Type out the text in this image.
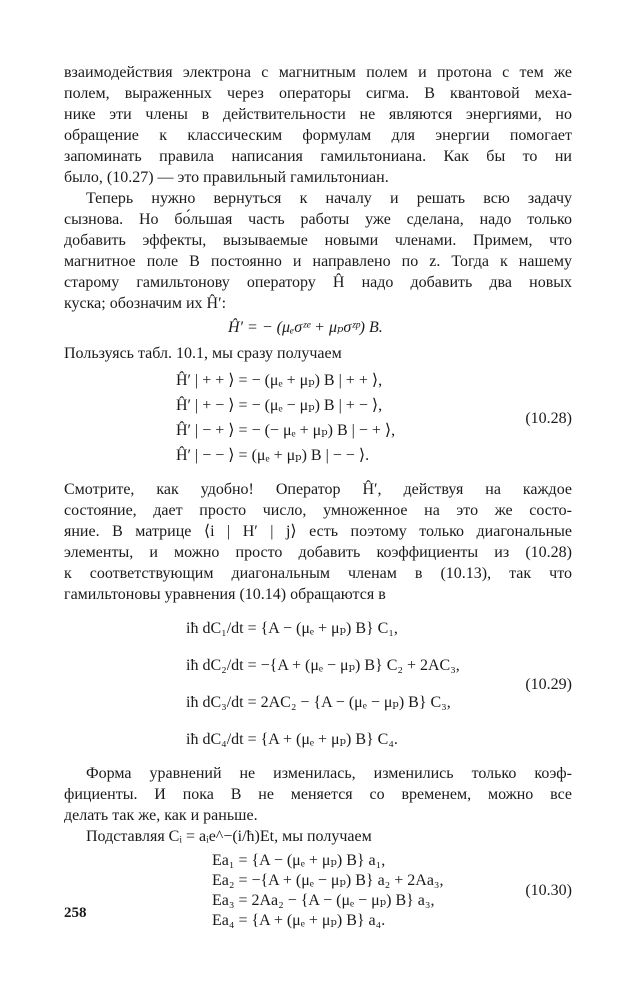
взаимодействия электрона с магнитным полем и протона с тем же
полем, выраженных через операторы сигма. В квантовой меха-
нике эти члены в действительности не являются энергиями, но
обращение к классическим формулам для энергии помогает
запоминать правила написания гамильтониана. Как бы то ни
было, (10.27) — это правильный гамильтониан.
Теперь нужно вернуться к началу и решать всю задачу
сызнова. Но бо́льшая часть работы уже сделана, надо только
добавить эффекты, вызываемые новыми членами. Примем, что
магнитное поле B постоянно и направлено по z. Тогда к нашему
старому гамильтонову оператору Ĥ надо добавить два новых
куска; обозначим их Ĥ′:
Ĥ′ = − (μₑσᶻᵉ + μₚσᶻᵖ) B.
Пользуясь табл. 10.1, мы сразу получаем
Ĥ′ | + + ⟩ = − (μₑ + μₚ) B | + + ⟩,
Ĥ′ | + − ⟩ = − (μₑ − μₚ) B | + − ⟩,
Ĥ′ | − + ⟩ = − (− μₑ + μₚ) B | − + ⟩,
Ĥ′ | − − ⟩ = (μₑ + μₚ) B | − − ⟩.
(10.28)
Смотрите, как удобно! Оператор Ĥ′, действуя на каждое
состояние, дает просто число, умноженное на это же состо-
яние. В матрице ⟨i | H′ | j⟩ есть поэтому только диагональные
элементы, и можно просто добавить коэффициенты из (10.28)
к соответствующим диагональным членам в (10.13), так что
гамильтоновы уравнения (10.14) обращаются в
iħ dC₁/dt = {A − (μₑ + μₚ) B} C₁,
iħ dC₂/dt = −{A + (μₑ − μₚ) B} C₂ + 2AC₃,
iħ dC₃/dt = 2AC₂ − {A − (μₑ − μₚ) B} C₃,
iħ dC₄/dt = {A + (μₑ + μₚ) B} C₄.
(10.29)
Форма уравнений не изменилась, изменились только коэф-
фициенты. И пока B не меняется со временем, можно все
делать так же, как и раньше.
Подставляя Cᵢ = aᵢe^−(i/ħ)Et, мы получаем
Ea₁ = {A − (μₑ + μₚ) B} a₁,
Ea₂ = −{A + (μₑ − μₚ) B} a₂ + 2Aa₃,
Ea₃ = 2Aa₂ − {A − (μₑ − μₚ) B} a₃,
Ea₄ = {A + (μₑ + μₚ) B} a₄.
(10.30)
258
